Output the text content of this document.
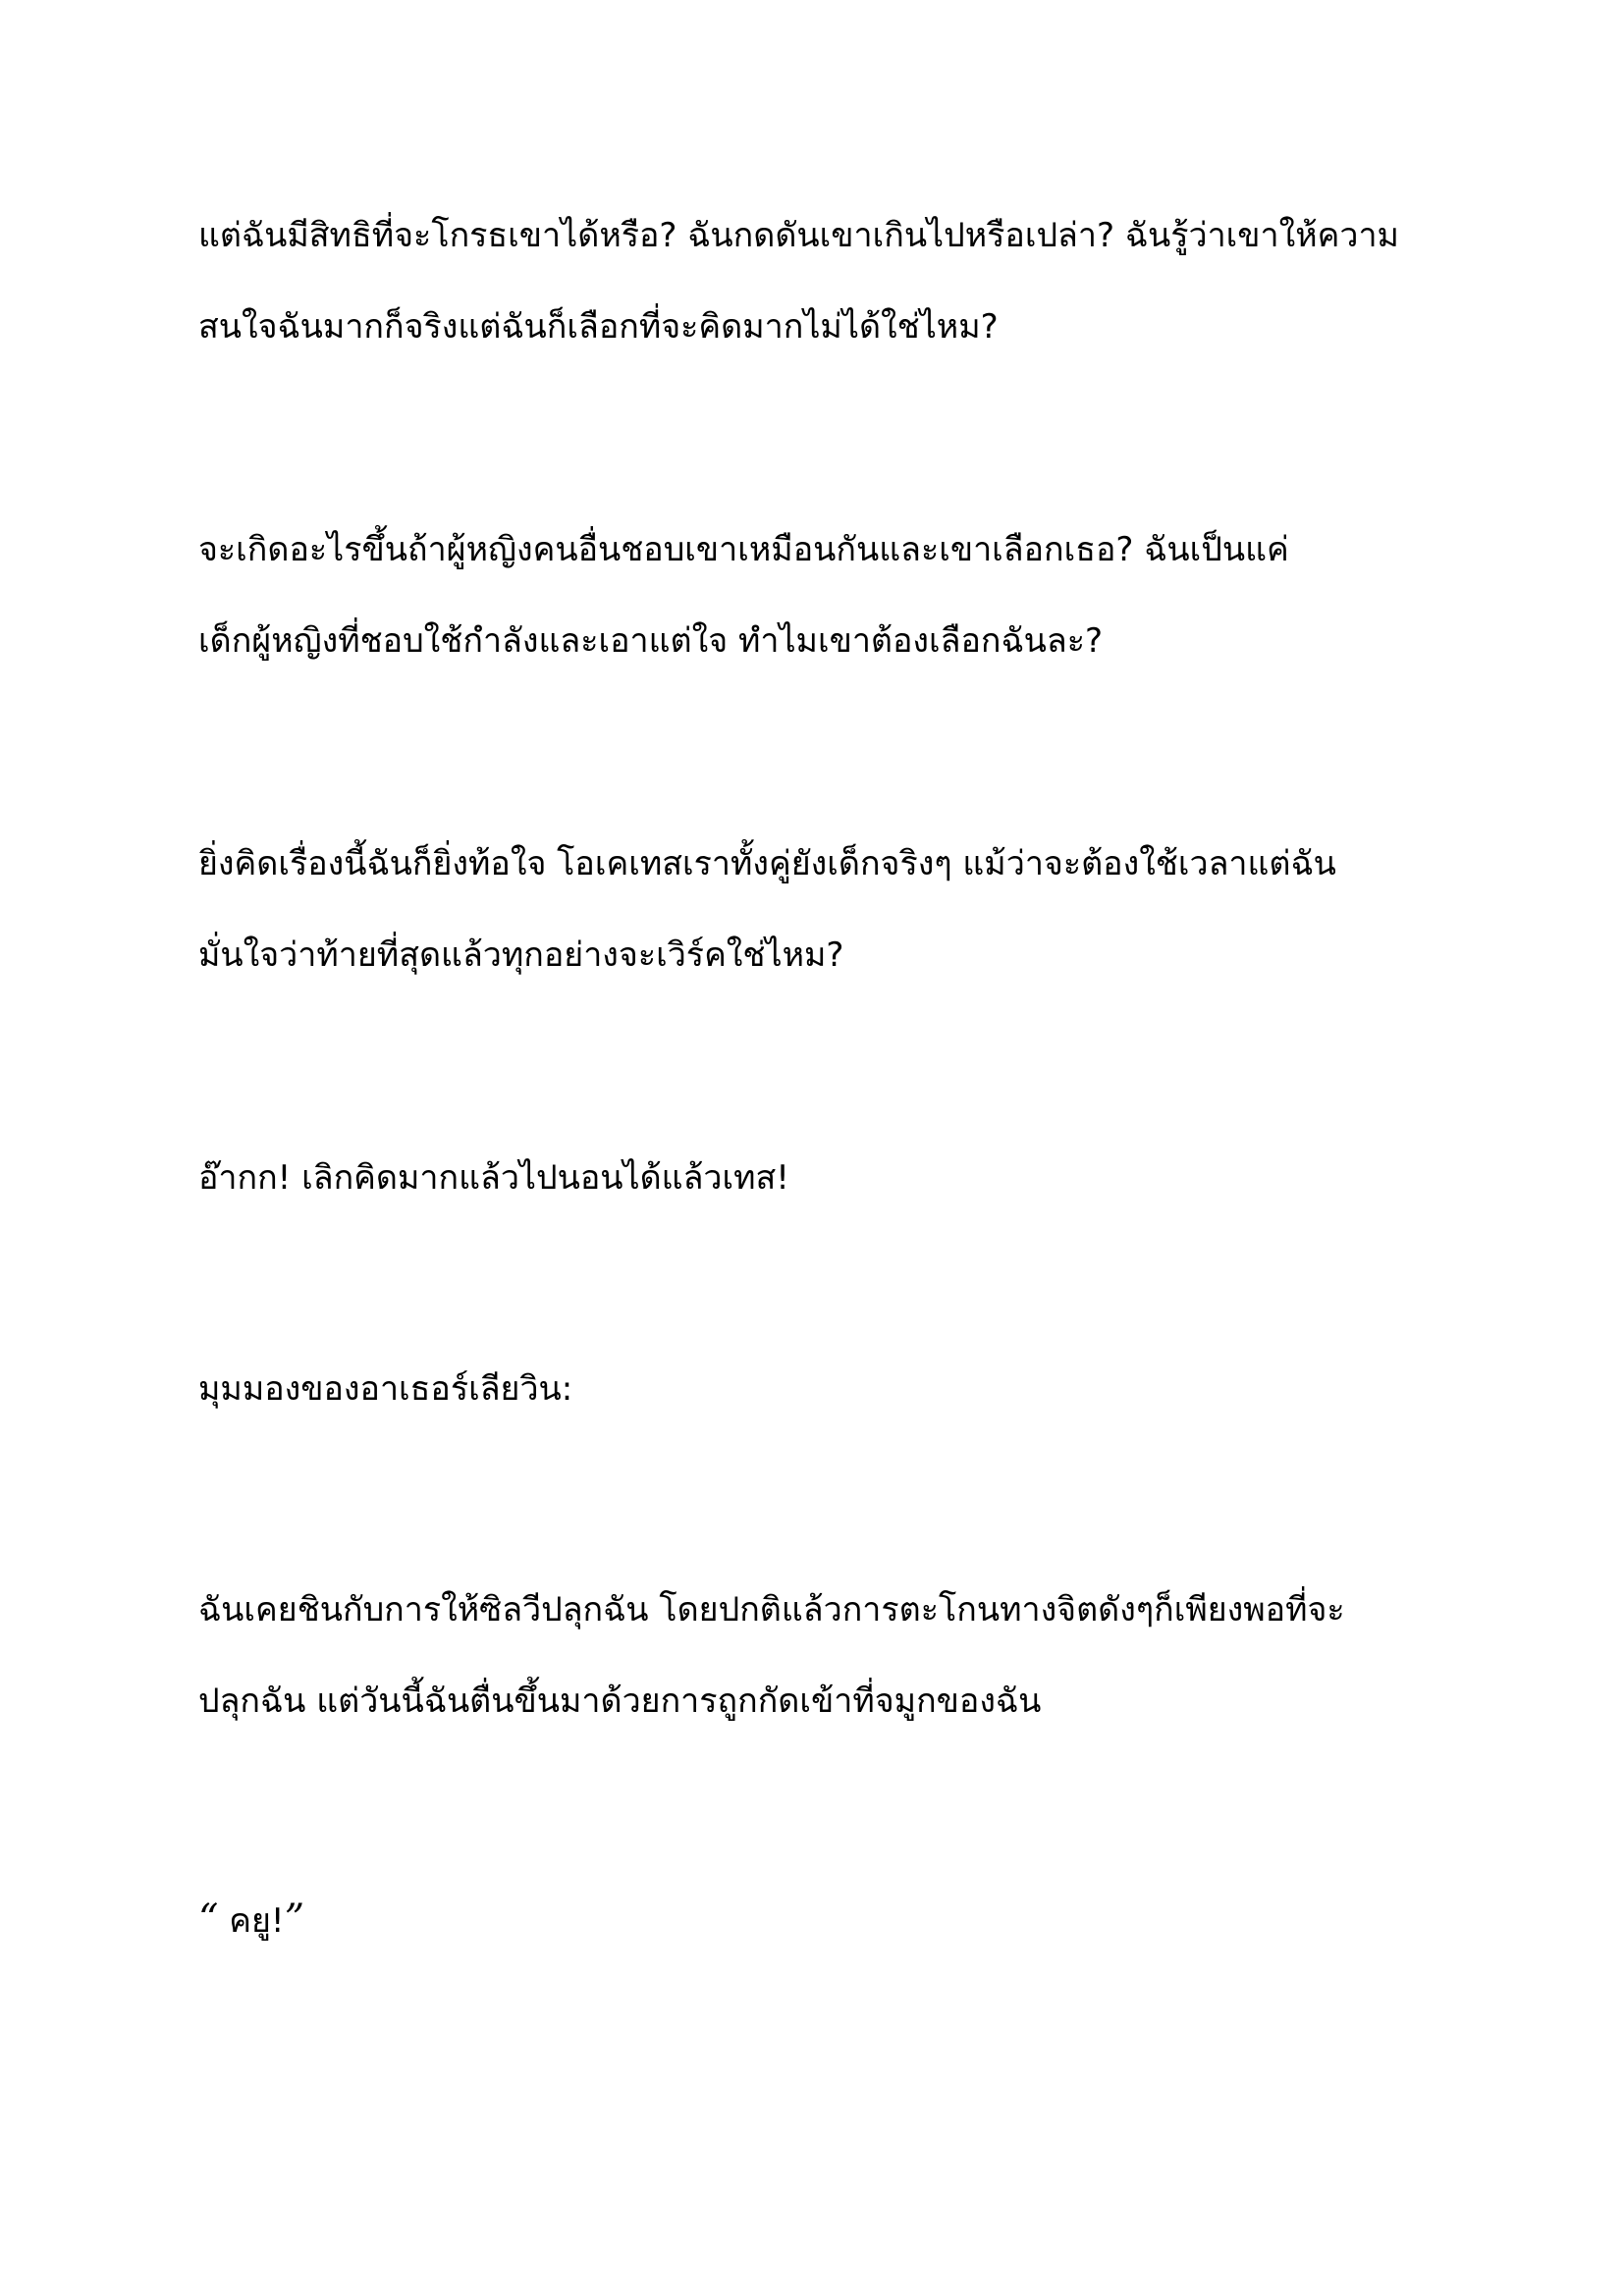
แต่ฉันมีสิทธิที่จะโกรธเขาได้หรือ? ฉันกดดันเขาเกินไปหรือเปล่า? ฉันรู้ว่าเขาให้ความ

สนใจฉันมากก็จริงแต่ฉันก็เลือกที่จะคิดมากไม่ได้ใช่ไหม?

จะเกิดอะไรขึ้นถ้าผู้หญิงคนอื่นชอบเขาเหมือนกันและเขาเลือกเธอ? ฉันเป็นแค่

เด็กผู้หญิงที่ชอบใช้กำลังและเอาแต่ใจ ทำไมเขาต้องเลือกฉันละ?

ยิ่งคิดเรื่องนี้ฉันก็ยิ่งท้อใจ โอเคเทสเราทั้งคู่ยังเด็กจริงๆ แม้ว่าจะต้องใช้เวลาแต่ฉัน

มั่นใจว่าท้ายที่สุดแล้วทุกอย่างจะเวิร์คใช่ไหม?

อ๊ากก! เลิกคิดมากแล้วไปนอนได้แล้วเทส!

มุมมองของอาเธอร์เลียวิน:

ฉันเคยชินกับการให้ซิลวีปลุกฉัน โดยปกติแล้วการตะโกนทางจิตดังๆก็เพียงพอที่จะ

ปลุกฉัน แต่วันนี้ฉันตื่นขึ้นมาด้วยการถูกกัดเข้าที่จมูกของฉัน

“ คยู!”
